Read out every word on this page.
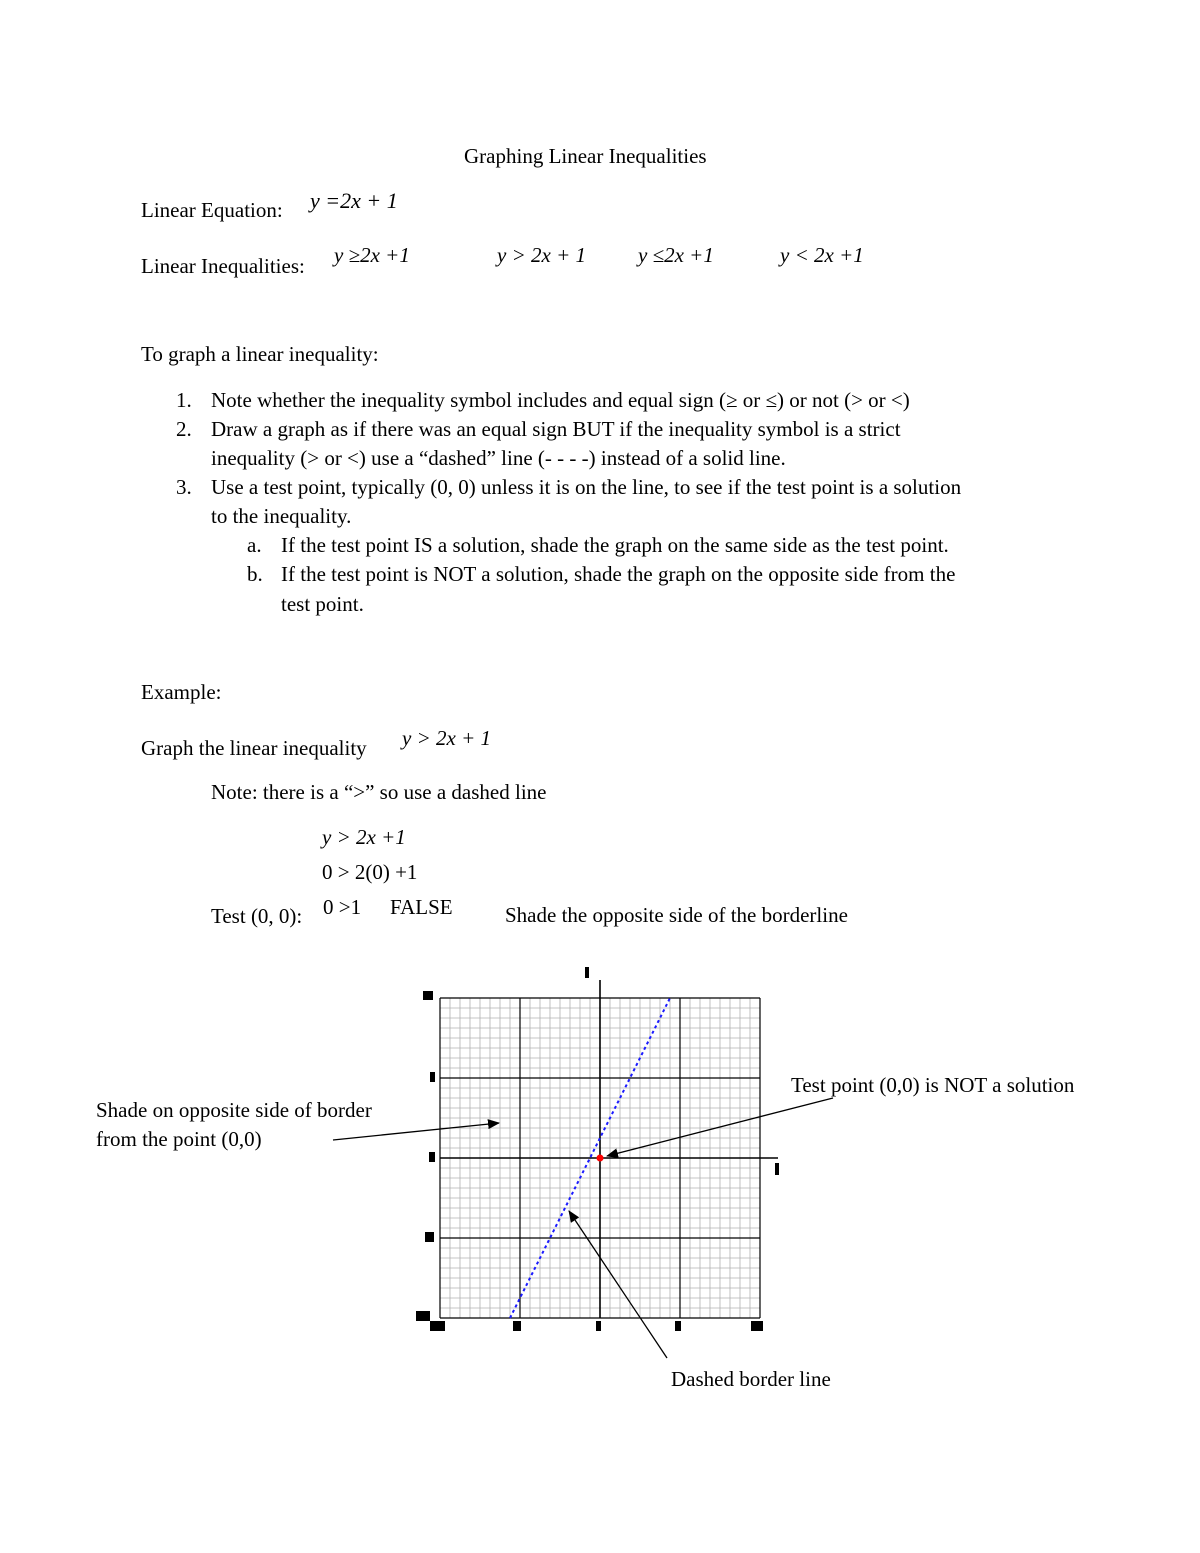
Graphing Linear Inequalities
Linear Equation: y =2x + 1
Linear Inequalities: y ≥2x +1	y > 2x + 1 y ≤2x +1	y < 2x +1
To graph a linear inequality:
1. Note whether the inequality symbol includes and equal sign (≥ or ≤) or not (> or <)
2. Draw a graph as if there was an equal sign BUT if the inequality symbol is a strict
inequality (> or <) use a “dashed” line (- - - -) instead of a solid line.
3. Use a test point, typically (0, 0) unless it is on the line, to see if the test point is a solution
to the inequality.
a. If the test point IS a solution, shade the graph on the same side as the test point.
b. If the test point is NOT a solution, shade the graph on the opposite side from the
test point.
Example:
Graph the linear inequality y > 2x + 1
Note: there is a “>” so use a dashed line
y > 2x +1
0 > 2(0) +1
Test (0, 0): 0 >1 FALSE Shade the opposite side of the borderline
Shade on opposite side of border
from the point (0,0)
Test point (0,0) is NOT a solution
Dashed border line
